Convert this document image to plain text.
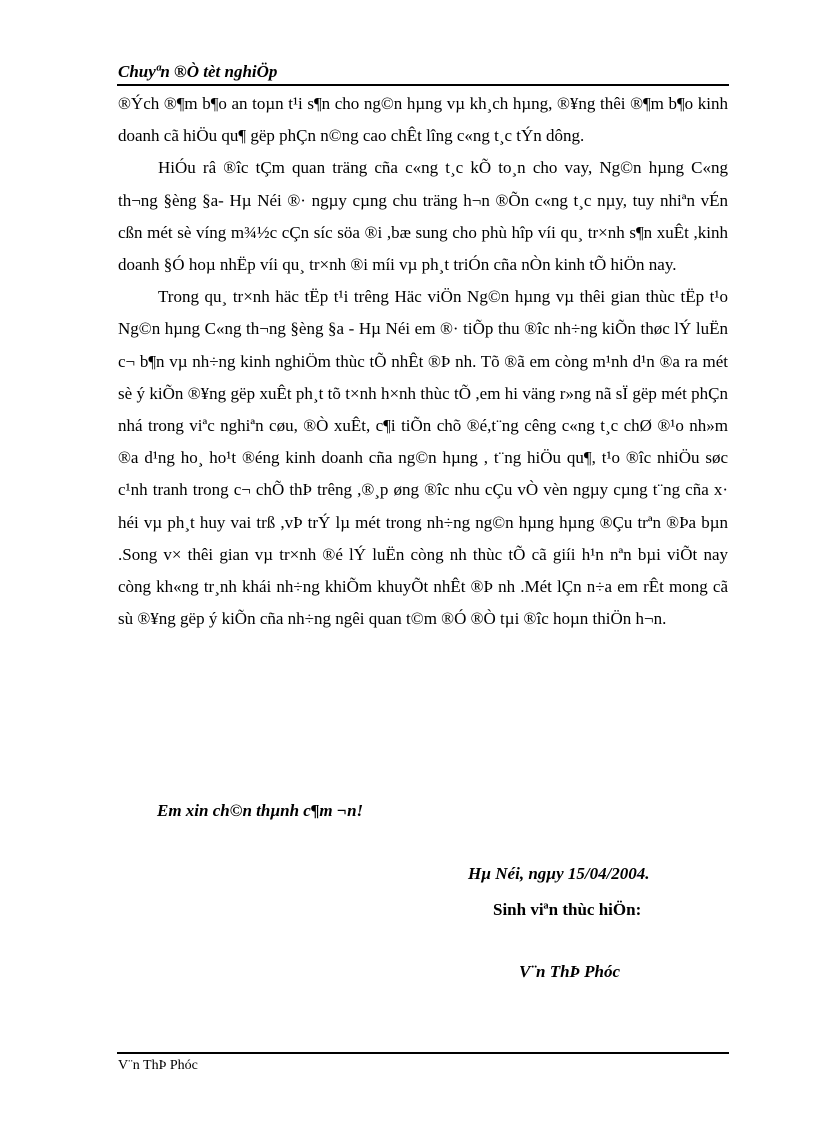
Chuyªn ®Ò tèt nghiÖp

®Ých ®¶m b¶o an toµn t¹i s¶n cho ng©n hµng vµ kh¸ch hµng, ®¥ng thêi ®¶m b¶o kinh doanh cã hiÖu qu¶ gëp phÇn n©ng cao chÊt lîng c«ng t¸c tÝn dông.

HiÓu râ ®îc tÇm quan träng cña c«ng t¸c kÕ to¸n cho vay, Ng©n hµng C«ng th¬ng §èng §a- Hµ Néi ®· ngµy cµng chu träng h¬n ®Õn c«ng t¸c nµy, tuy nhiªn vÉn cßn mét sè víng m¾½c cÇn síc söa ®i ,bæ sung cho phù hîp víi qu¸ tr×nh s¶n xuÊt ,kinh doanh §Ó hoµ nhËp víi qu¸ tr×nh ®i míi vµ ph¸t triÓn cña nÒn kinh tÕ hiÖn nay.

Trong qu¸ tr×nh häc tËp t¹i trêng Häc viÖn Ng©n hµng vµ thêi gian thùc tËp t¹o Ng©n hµng C«ng th¬ng §èng §a - Hµ Néi em ®· tiÕp thu ®îc nh÷ng kiÕn thøc lÝ luËn c¬ b¶n vµ nh÷ng kinh nghiÖm thùc tÕ nhÊt ®Þ nh. Tõ ®ã em còng m¹nh d¹n ®a ra mét sè ý kiÕn ®¥ng gëp xuÊt ph¸t tõ t×nh h×nh thùc tÕ ,em hi väng r»ng nã sÏ gëp mét phÇn nhá trong viªc nghiªn cøu, ®Ò xuÊt, c¶i tiÕn chõ ®é,t¨ng cêng c«ng t¸c chØ ®¹o nh»m ®a d¹ng ho¸ ho¹t ®éng kinh doanh cña ng©n hµng , t¨ng hiÖu qu¶, t¹o ®îc nhiÖu søc c¹nh tranh trong c¬ chÕ thÞ trêng ,®¸p øng ®îc nhu cÇu vÒ vèn ngµy cµng t¨ng cña x· héi vµ ph¸t huy vai trß ,vÞ trÝ lµ mét trong nh÷ng ng©n hµng hµng ®Çu trªn ®Þa bµn .Song v× thêi gian vµ tr×nh ®é lÝ luËn còng nh thùc tÕ cã giíi h¹n nªn bµi viÕt nay còng kh«ng tr¸nh khái nh÷ng khiÕm khuyÕt nhÊt ®Þ nh .Mét lÇn n÷a em rÊt mong cã sù ®¥ng gëp ý kiÕn cña nh÷ng ngêi quan t©m ®Ó ®Ò tµi ®îc hoµn thiÖn h¬n.

Em xin ch©n thµnh c¶m ¬n!
Hµ Néi, ngµy 15/04/2004.
Sinh viªn thùc hiÖn:
V¨n ThÞ Phóc
V¨n ThÞ Phóc
